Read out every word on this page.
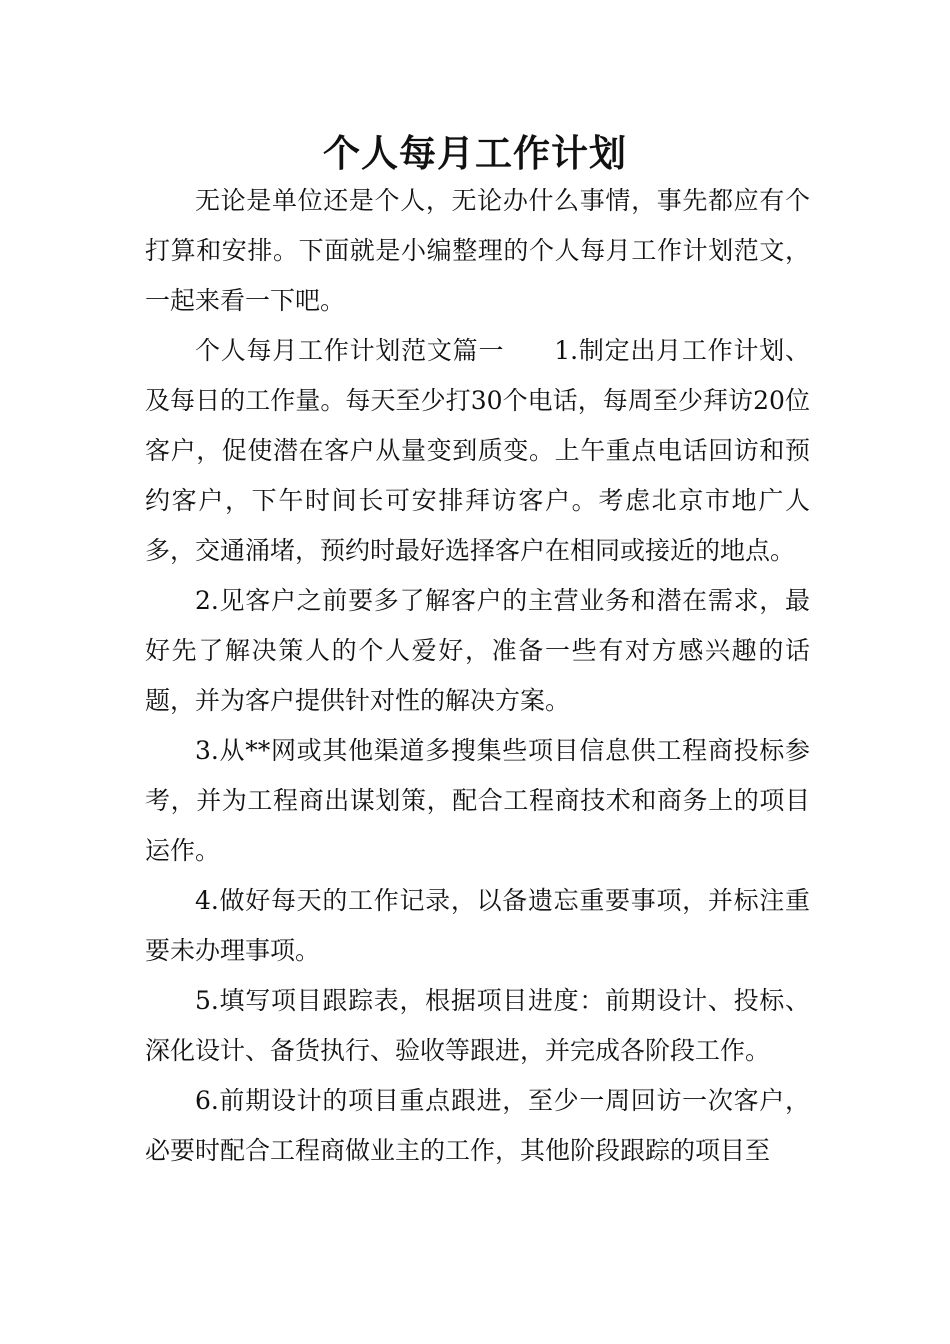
个人每月工作计划

无论是单位还是个人，无论办什么事情，事先都应有个打算和安排。下面就是小编整理的个人每月工作计划范文，一起来看一下吧。

个人每月工作计划范文篇一 1.制定出月工作计划、及每日的工作量。每天至少打30个电话，每周至少拜访20位客户，促使潜在客户从量变到质变。上午重点电话回访和预约客户，下午时间长可安排拜访客户。考虑北京市地广人多，交通涌堵，预约时最好选择客户在相同或接近的地点。

2.见客户之前要多了解客户的主营业务和潜在需求，最好先了解决策人的个人爱好，准备一些有对方感兴趣的话题，并为客户提供针对性的解决方案。

3.从**网或其他渠道多搜集些项目信息供工程商投标参考，并为工程商出谋划策，配合工程商技术和商务上的项目运作。

4.做好每天的工作记录，以备遗忘重要事项，并标注重要未办理事项。

5.填写项目跟踪表，根据项目进度：前期设计、投标、深化设计、备货执行、验收等跟进，并完成各阶段工作。

6.前期设计的项目重点跟进，至少一周回访一次客户，必要时配合工程商做业主的工作，其他阶段跟踪的项目至
